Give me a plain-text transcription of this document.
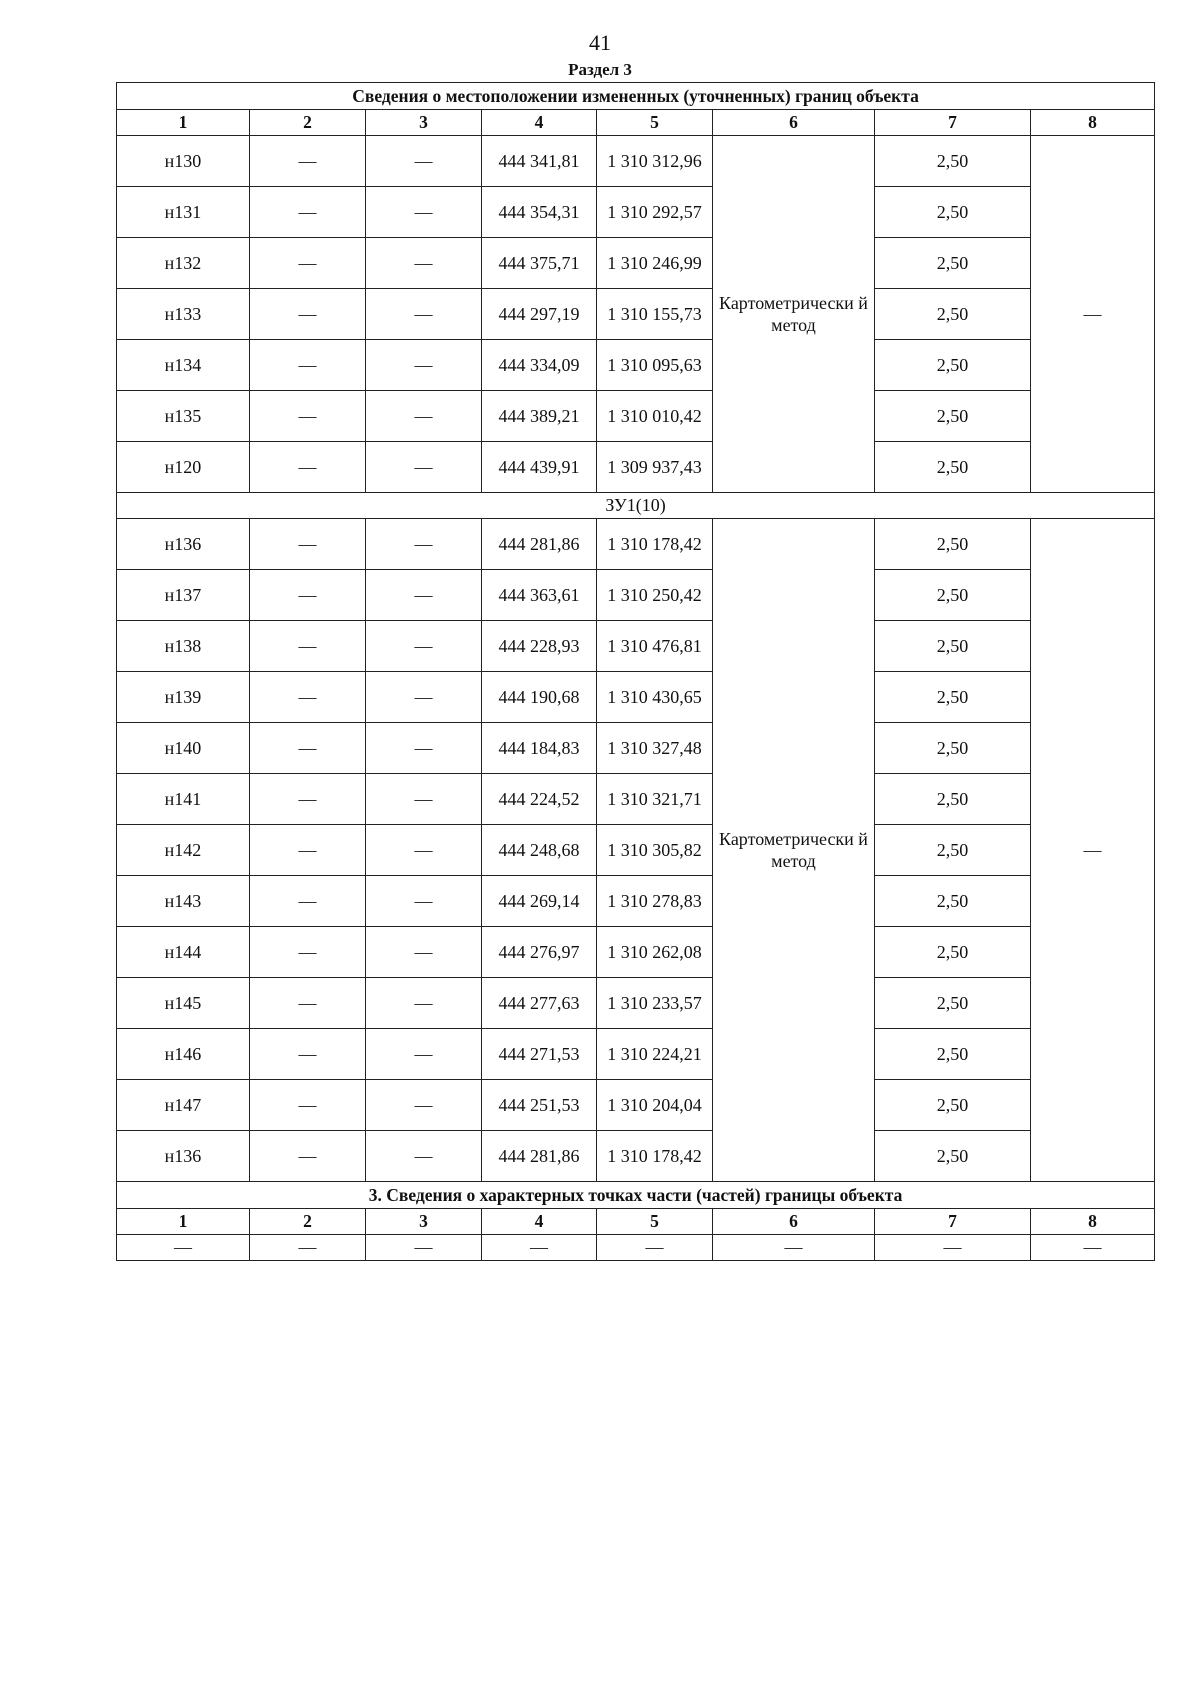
41
Раздел 3
Сведения о местоположении измененных (уточненных) границ объекта							
1	2	3	4	5	6	7	8
н130	—	—	444 341,81	1 310 312,96	Картометрически й метод	2,50	—
н131	—	—	444 354,31	1 310 292,57		2,50	
н132	—	—	444 375,71	1 310 246,99		2,50	
н133	—	—	444 297,19	1 310 155,73		2,50	
н134	—	—	444 334,09	1 310 095,63		2,50	
н135	—	—	444 389,21	1 310 010,42		2,50	
н120	—	—	444 439,91	1 309 937,43		2,50	
ЗУ1(10)							
н136	—	—	444 281,86	1 310 178,42	Картометрически й метод	2,50	—
н137	—	—	444 363,61	1 310 250,42		2,50	
н138	—	—	444 228,93	1 310 476,81		2,50	
н139	—	—	444 190,68	1 310 430,65		2,50	
н140	—	—	444 184,83	1 310 327,48		2,50	
н141	—	—	444 224,52	1 310 321,71		2,50	
н142	—	—	444 248,68	1 310 305,82		2,50	
н143	—	—	444 269,14	1 310 278,83		2,50	
н144	—	—	444 276,97	1 310 262,08		2,50	
н145	—	—	444 277,63	1 310 233,57		2,50	
н146	—	—	444 271,53	1 310 224,21		2,50	
н147	—	—	444 251,53	1 310 204,04		2,50	
н136	—	—	444 281,86	1 310 178,42		2,50	
3. Сведения о характерных точках части (частей) границы объекта							
1	2	3	4	5	6	7	8
—	—	—	—	—	—	—	—
